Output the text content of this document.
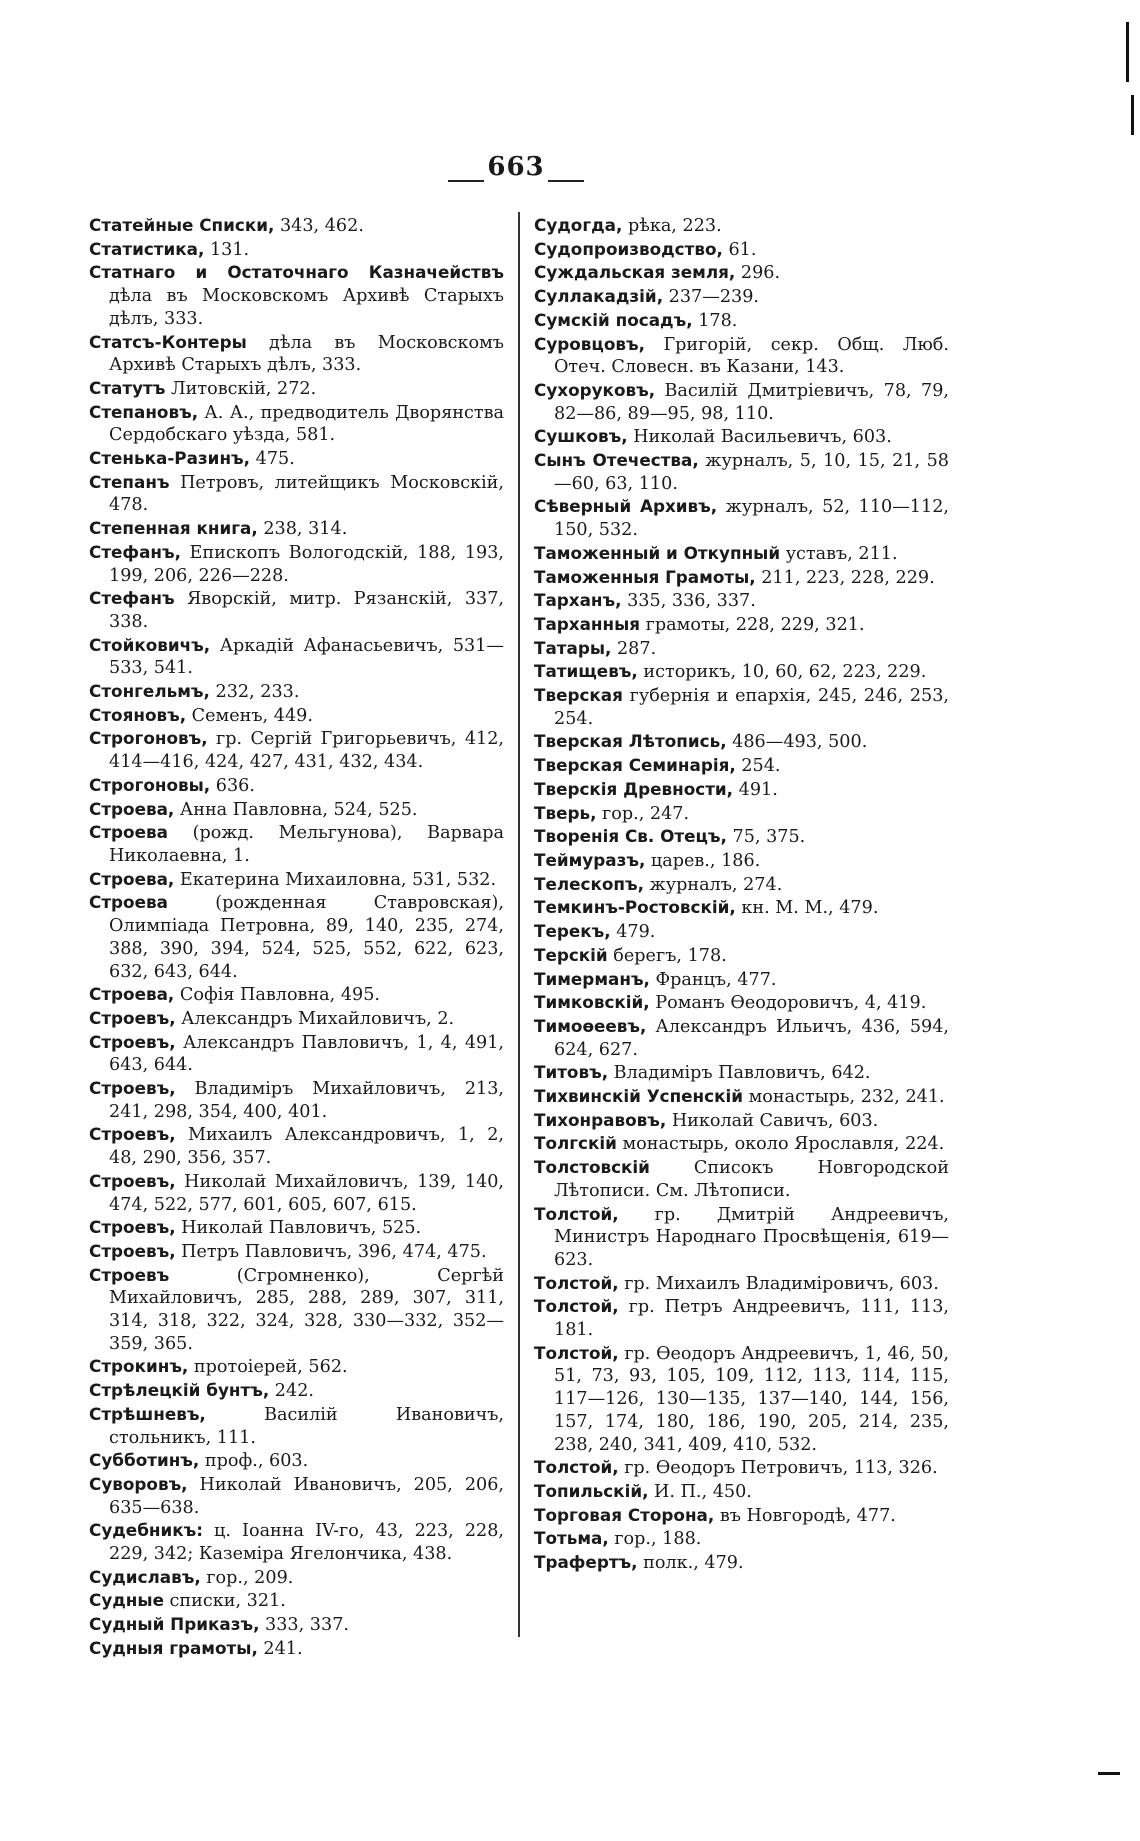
663
Статейные Списки, 343, 462.
Статистика, 131.
Статнаго и Остаточнаго Казначействъ дѣла въ Московскомъ Архивѣ Старыхъ дѣлъ, 333.
Статсъ-Контеры дѣла въ Московскомъ Архивѣ Старыхъ дѣлъ, 333.
Статутъ Литовскій, 272.
Степановъ, А. А., предводитель Дворянства Сердобскаго уѣзда, 581.
Стенька-Разинъ, 475.
Степанъ Петровъ, литейщикъ Московскій, 478.
Степенная книга, 238, 314.
Стефанъ, Епископъ Вологодскій, 188, 193, 199, 206, 226—228.
Стефанъ Яворскій, митр. Рязанскій, 337, 338.
Стойковичъ, Аркадій Афанасьевичъ, 531—533, 541.
Стонгельмъ, 232, 233.
Стояновъ, Семенъ, 449.
Строгоновъ, гр. Сергій Григорьевичъ, 412, 414—416, 424, 427, 431, 432, 434.
Строгоновы, 636.
Строева, Анна Павловна, 524, 525.
Строева (рожд. Мельгунова), Варвара Николаевна, 1.
Строева, Екатерина Михаиловна, 531, 532.
Строева (рожденная Ставровская), Олимпіада Петровна, 89, 140, 235, 274, 388, 390, 394, 524, 525, 552, 622, 623, 632, 643, 644.
Строева, Софія Павловна, 495.
Строевъ, Александръ Михайловичъ, 2.
Строевъ, Александръ Павловичъ, 1, 4, 491, 643, 644.
Строевъ, Владиміръ Михайловичъ, 213, 241, 298, 354, 400, 401.
Строевъ, Михаилъ Александровичъ, 1, 2, 48, 290, 356, 357.
Строевъ, Николай Михайловичъ, 139, 140, 474, 522, 577, 601, 605, 607, 615.
Строевъ, Николай Павловичъ, 525.
Строевъ, Петръ Павловичъ, 396, 474, 475.
Строевъ (Сгромненко), Сергѣй Михайловичъ, 285, 288, 289, 307, 311, 314, 318, 322, 324, 328, 330—332, 352—359, 365.
Строкинъ, протоіерей, 562.
Стрѣлецкій бунтъ, 242.
Стрѣшневъ, Василій Ивановичъ, стольникъ, 111.
Субботинъ, проф., 603.
Суворовъ, Николай Ивановичъ, 205, 206, 635—638.
Судебникъ: ц. Іоанна IV-го, 43, 223, 228, 229, 342; Каземіра Ягелончика, 438.
Судиславъ, гор., 209.
Судные списки, 321.
Судный Приказъ, 333, 337.
Судныя грамоты, 241.
Судогда, рѣка, 223.
Судопроизводство, 61.
Суждальская земля, 296.
Суллакадзій, 237—239.
Сумскій посадъ, 178.
Суровцовъ, Григорій, секр. Общ. Люб. Отеч. Словесн. въ Казани, 143.
Сухоруковъ, Василій Дмитріевичъ, 78, 79, 82—86, 89—95, 98, 110.
Сушковъ, Николай Васильевичъ, 603.
Сынъ Отечества, журналъ, 5, 10, 15, 21, 58—60, 63, 110.
Сѣверный Архивъ, журналъ, 52, 110—112, 150, 532.
Таможенный и Откупный уставъ, 211.
Таможенныя Грамоты, 211, 223, 228, 229.
Тарханъ, 335, 336, 337.
Тарханныя грамоты, 228, 229, 321.
Татары, 287.
Татищевъ, историкъ, 10, 60, 62, 223, 229.
Тверская губернія и епархія, 245, 246, 253, 254.
Тверская Лѣтопись, 486—493, 500.
Тверская Семинарія, 254.
Тверскія Древности, 491.
Тверь, гор., 247.
Творенія Св. Отецъ, 75, 375.
Теймуразъ, царев., 186.
Телескопъ, журналъ, 274.
Темкинъ-Ростовскій, кн. М. М., 479.
Терекъ, 479.
Терскій берегъ, 178.
Тимерманъ, Францъ, 477.
Тимковскій, Романъ Ѳеодоровичъ, 4, 419.
Тимоѳеевъ, Александръ Ильичъ, 436, 594, 624, 627.
Титовъ, Владиміръ Павловичъ, 642.
Тихвинскій Успенскій монастырь, 232, 241.
Тихонравовъ, Николай Савичъ, 603.
Толгскій монастырь, около Ярославля, 224.
Толстовскій Списокъ Новгородской Лѣтописи. См. Лѣтописи.
Толстой, гр. Дмитрій Андреевичъ, Министръ Народнаго Просвѣщенія, 619—623.
Толстой, гр. Михаилъ Владиміровичъ, 603.
Толстой, гр. Петръ Андреевичъ, 111, 113, 181.
Толстой, гр. Ѳеодоръ Андреевичъ, 1, 46, 50, 51, 73, 93, 105, 109, 112, 113, 114, 115, 117—126, 130—135, 137—140, 144, 156, 157, 174, 180, 186, 190, 205, 214, 235, 238, 240, 341, 409, 410, 532.
Толстой, гр. Ѳеодоръ Петровичъ, 113, 326.
Топильскій, И. П., 450.
Торговая Сторона, въ Новгородѣ, 477.
Тотьма, гор., 188.
Трафертъ, полк., 479.
